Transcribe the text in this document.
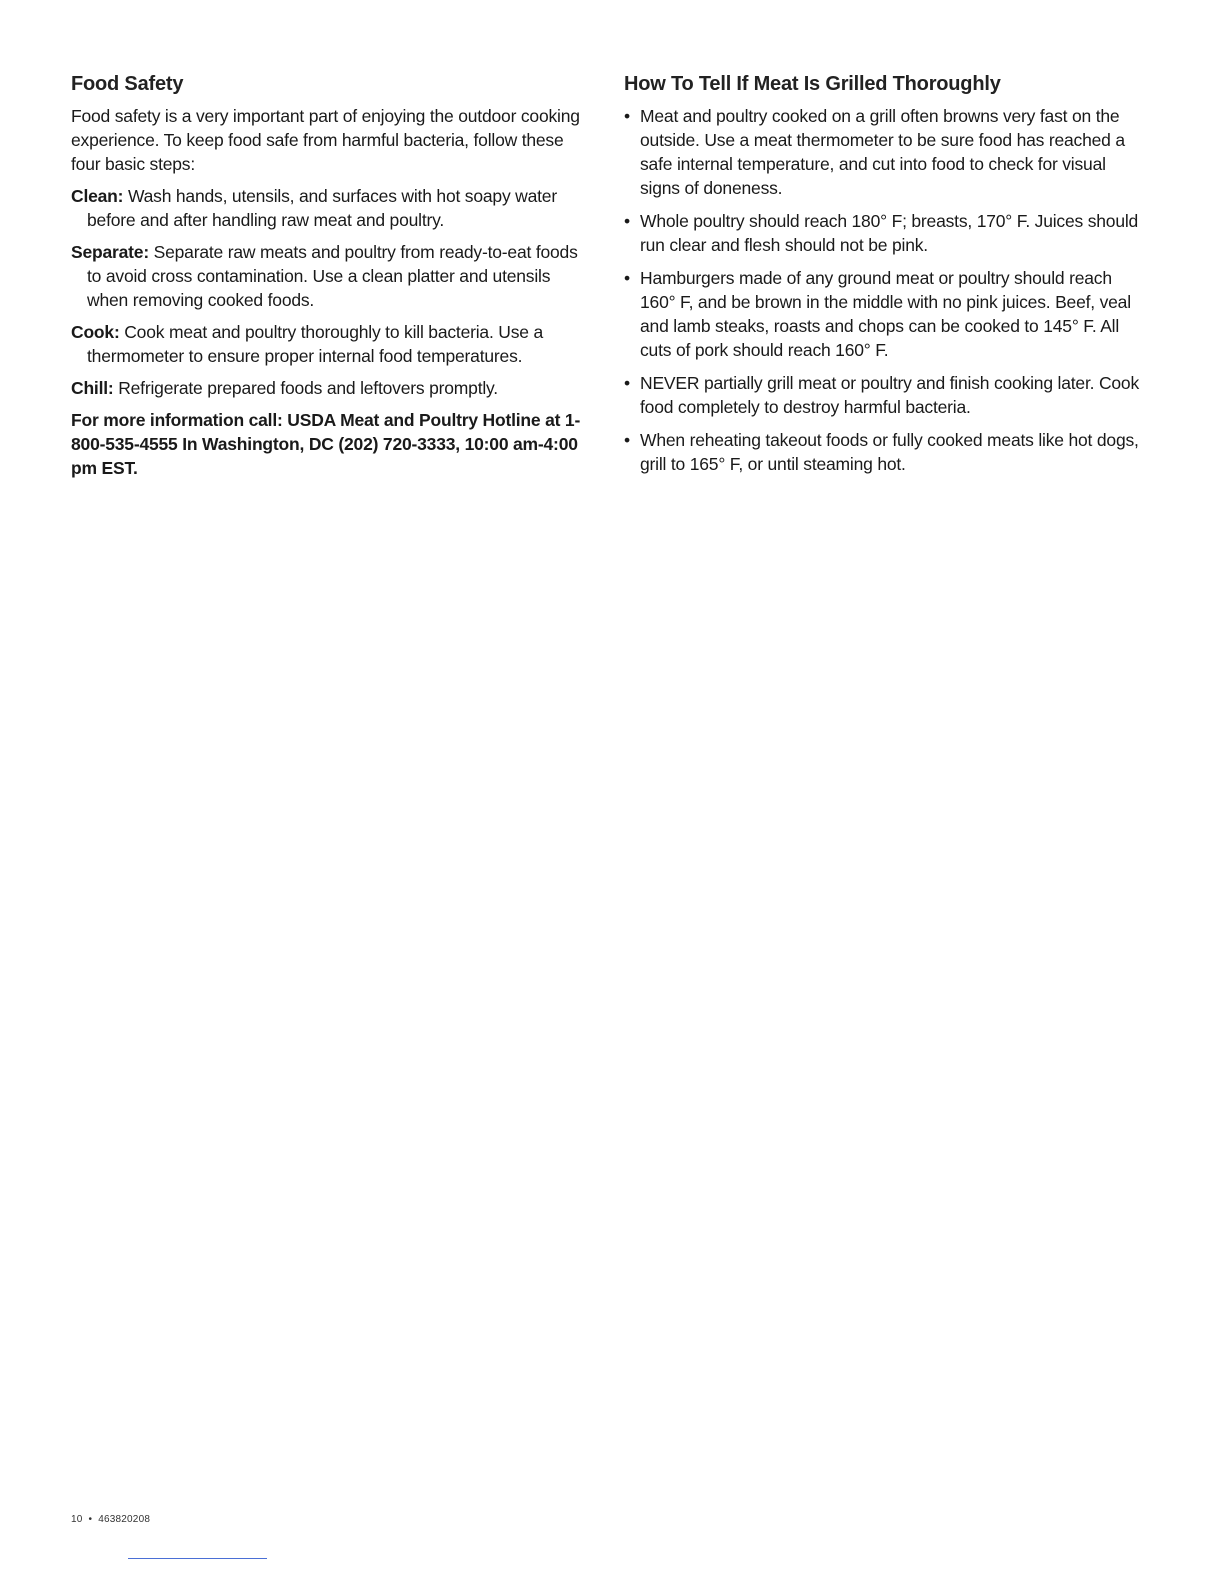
Food Safety

Food safety is a very important part of enjoying the outdoor cooking experience. To keep food safe from harmful bacteria, follow these four basic steps:

Clean: Wash hands, utensils, and surfaces with hot soapy water before and after handling raw meat and poultry.

Separate: Separate raw meats and poultry from ready-to-eat foods to avoid cross contamination. Use a clean platter and utensils when removing cooked foods.

Cook: Cook meat and poultry thoroughly to kill bacteria. Use a thermometer to ensure proper internal food temperatures.

Chill: Refrigerate prepared foods and leftovers promptly.

For more information call: USDA Meat and Poultry Hotline at 1-800-535-4555 In Washington, DC (202) 720-3333, 10:00 am-4:00 pm EST.

How To Tell If Meat Is Grilled Thoroughly
• Meat and poultry cooked on a grill often browns very fast on the outside. Use a meat thermometer to be sure food has reached a safe internal temperature, and cut into food to check for visual signs of doneness.
• Whole poultry should reach 180° F; breasts, 170° F. Juices should run clear and flesh should not be pink.
• Hamburgers made of any ground meat or poultry should reach 160° F, and be brown in the middle with no pink juices. Beef, veal and lamb steaks, roasts and chops can be cooked to 145° F. All cuts of pork should reach 160° F.
• NEVER partially grill meat or poultry and finish cooking later. Cook food completely to destroy harmful bacteria.
• When reheating takeout foods or fully cooked meats like hot dogs, grill to 165° F, or until steaming hot.
10 • 463820208
